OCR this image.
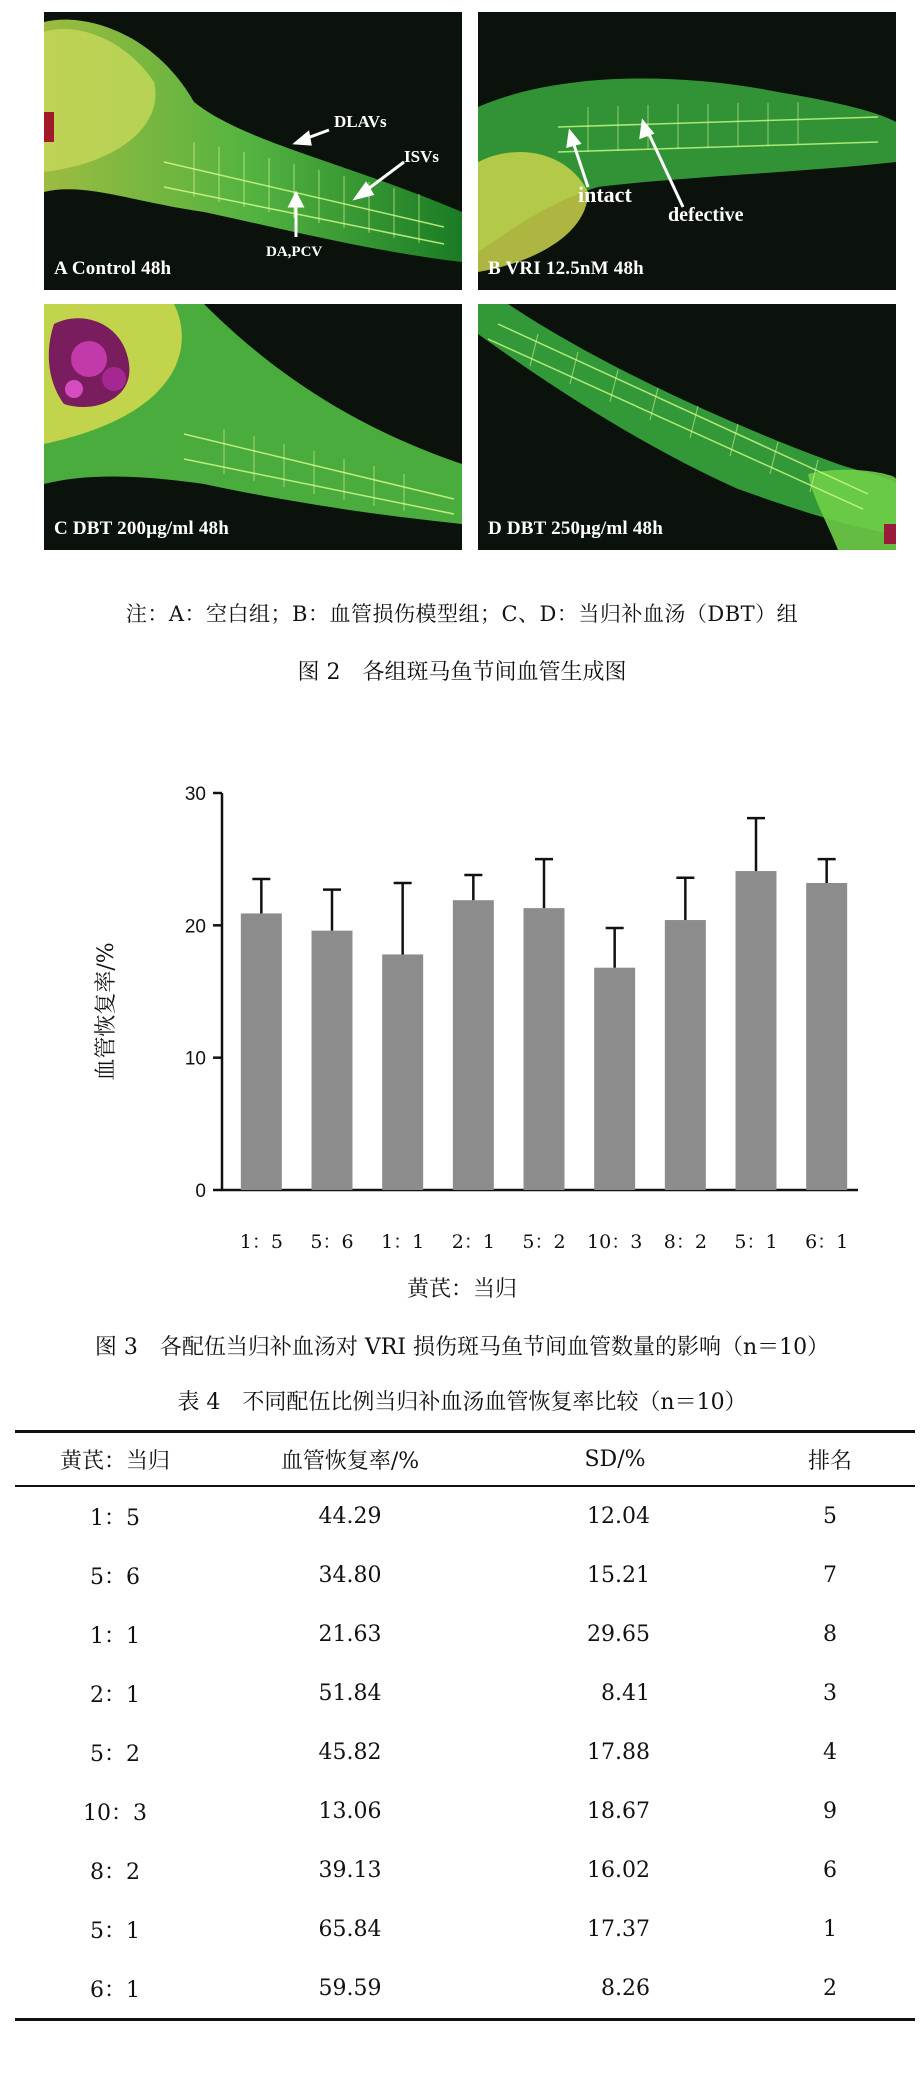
DLAVs
ISVs
DA,PCV
A Control 48h
intact
defective
B VRI 12.5nM 48h
C DBT 200μg/ml 48h	D DBT 250μg/ml 48h
注：A：空白组；B：血管损伤模型组；C、D：当归补血汤（DBT）组
图 2　各组斑马鱼节间血管生成图
0
10
20
30
血管恢复率/%
1：5 5：6 1：1 2：1 5：2 10：3 8：2 5：1 6：1
黄芪：当归
图 3　各配伍当归补血汤对 VRI 损伤斑马鱼节间血管数量的影响（n＝10）
表 4　不同配伍比例当归补血汤血管恢复率比较（n＝10）
黄芪：当归	血管恢复率/%	SD/%	排名
1：5	44.29	12.04	5
5：6	34.80	15.21	7
1：1	21.63	29.65	8
2：1	51.84	8.41	3
5：2	45.82	17.88	4
10：3	13.06	18.67	9
8：2	39.13	16.02	6
5：1	65.84	17.37	1
6：1	59.59	8.26	2
